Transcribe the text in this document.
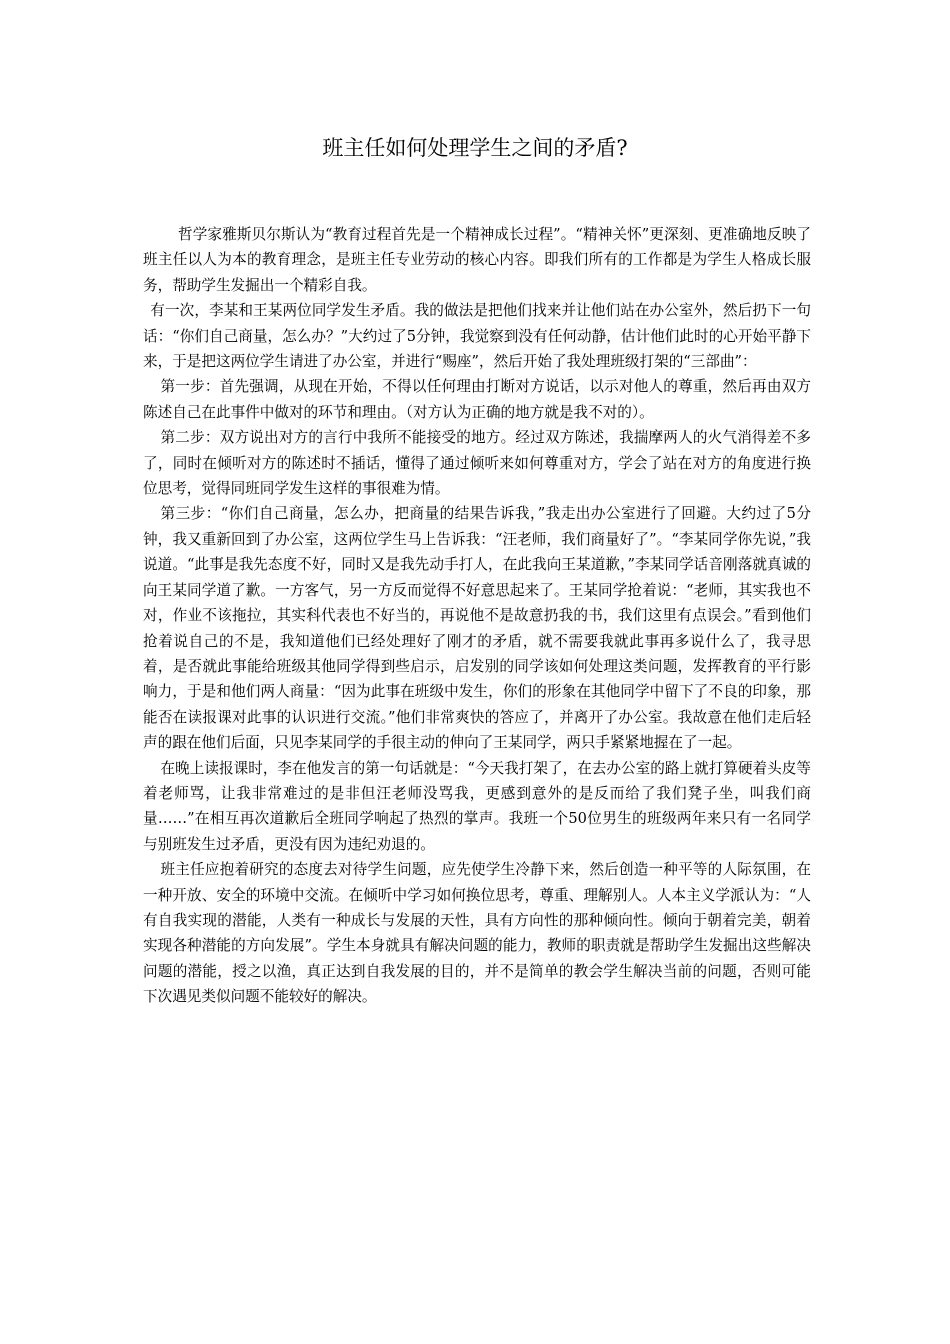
班主任如何处理学生之间的矛盾?

哲学家雅斯贝尔斯认为“教育过程首先是一个精神成长过程”。“精神关怀”更深刻、更准确地反映了班主任以人为本的教育理念，是班主任专业劳动的核心内容。即我们所有的工作都是为学生人格成长服务，帮助学生发掘出一个精彩自我。

有一次，李某和王某两位同学发生矛盾。我的做法是把他们找来并让他们站在办公室外，然后扔下一句话：“你们自己商量，怎么办？”大约过了5分钟，我觉察到没有任何动静，估计他们此时的心开始平静下来，于是把这两位学生请进了办公室，并进行“赐座”，然后开始了我处理班级打架的“三部曲”：

第一步：首先强调，从现在开始，不得以任何理由打断对方说话，以示对他人的尊重，然后再由双方陈述自己在此事件中做对的环节和理由。（对方认为正确的地方就是我不对的）。

第二步：双方说出对方的言行中我所不能接受的地方。经过双方陈述，我揣摩两人的火气消得差不多了，同时在倾听对方的陈述时不插话，懂得了通过倾听来如何尊重对方，学会了站在对方的角度进行换位思考，觉得同班同学发生这样的事很难为情。

第三步：“你们自己商量，怎么办，把商量的结果告诉我，”我走出办公室进行了回避。大约过了5分钟，我又重新回到了办公室，这两位学生马上告诉我：“汪老师，我们商量好了”。“李某同学你先说，”我说道。“此事是我先态度不好，同时又是我先动手打人，在此我向王某道歉，”李某同学话音刚落就真诚的向王某同学道了歉。一方客气，另一方反而觉得不好意思起来了。王某同学抢着说：“老师，其实我也不对，作业不该拖拉，其实科代表也不好当的，再说他不是故意扔我的书，我们这里有点误会。”看到他们抢着说自己的不是，我知道他们已经处理好了刚才的矛盾，就不需要我就此事再多说什么了，我寻思着，是否就此事能给班级其他同学得到些启示，启发别的同学该如何处理这类问题，发挥教育的平行影响力，于是和他们两人商量：“因为此事在班级中发生，你们的形象在其他同学中留下了不良的印象，那能否在读报课对此事的认识进行交流。”他们非常爽快的答应了，并离开了办公室。我故意在他们走后轻声的跟在他们后面，只见李某同学的手很主动的伸向了王某同学，两只手紧紧地握在了一起。

在晚上读报课时，李在他发言的第一句话就是：“今天我打架了，在去办公室的路上就打算硬着头皮等着老师骂，让我非常难过的是非但汪老师没骂我，更感到意外的是反而给了我们凳子坐，叫我们商量……”在相互再次道歉后全班同学响起了热烈的掌声。我班一个50位男生的班级两年来只有一名同学与别班发生过矛盾，更没有因为违纪劝退的。

班主任应抱着研究的态度去对待学生问题，应先使学生冷静下来，然后创造一种平等的人际氛围，在一种开放、安全的环境中交流。在倾听中学习如何换位思考，尊重、理解别人。人本主义学派认为：“人有自我实现的潜能，人类有一种成长与发展的天性，具有方向性的那种倾向性。倾向于朝着完美，朝着实现各种潜能的方向发展”。学生本身就具有解决问题的能力，教师的职责就是帮助学生发掘出这些解决问题的潜能，授之以渔，真正达到自我发展的目的，并不是简单的教会学生解决当前的问题，否则可能下次遇见类似问题不能较好的解决。
